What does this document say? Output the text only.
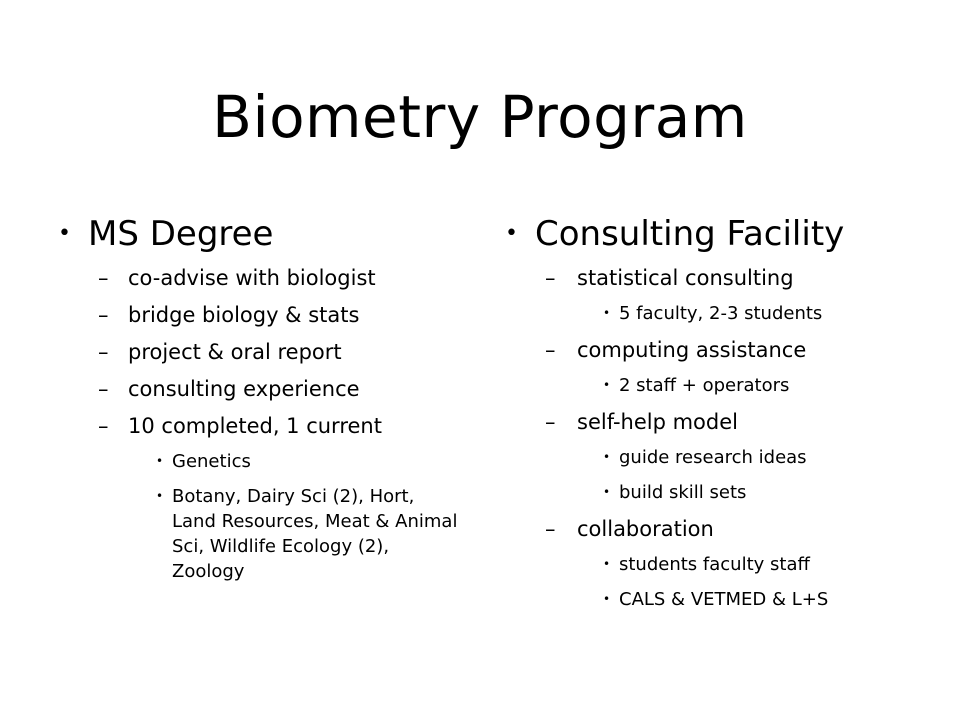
Biometry Program
• MS Degree
– co-advise with biologist
– bridge biology & stats
– project & oral report
– consulting experience
– 10 completed, 1 current
• Genetics
• Botany, Dairy Sci (2), Hort, Land Resources, Meat & Animal Sci, Wildlife Ecology (2), Zoology
• Consulting Facility
– statistical consulting
• 5 faculty, 2-3 students
– computing assistance
• 2 staff + operators
– self-help model
• guide research ideas
• build skill sets
– collaboration
• students faculty staff
• CALS & VETMED & L+S
